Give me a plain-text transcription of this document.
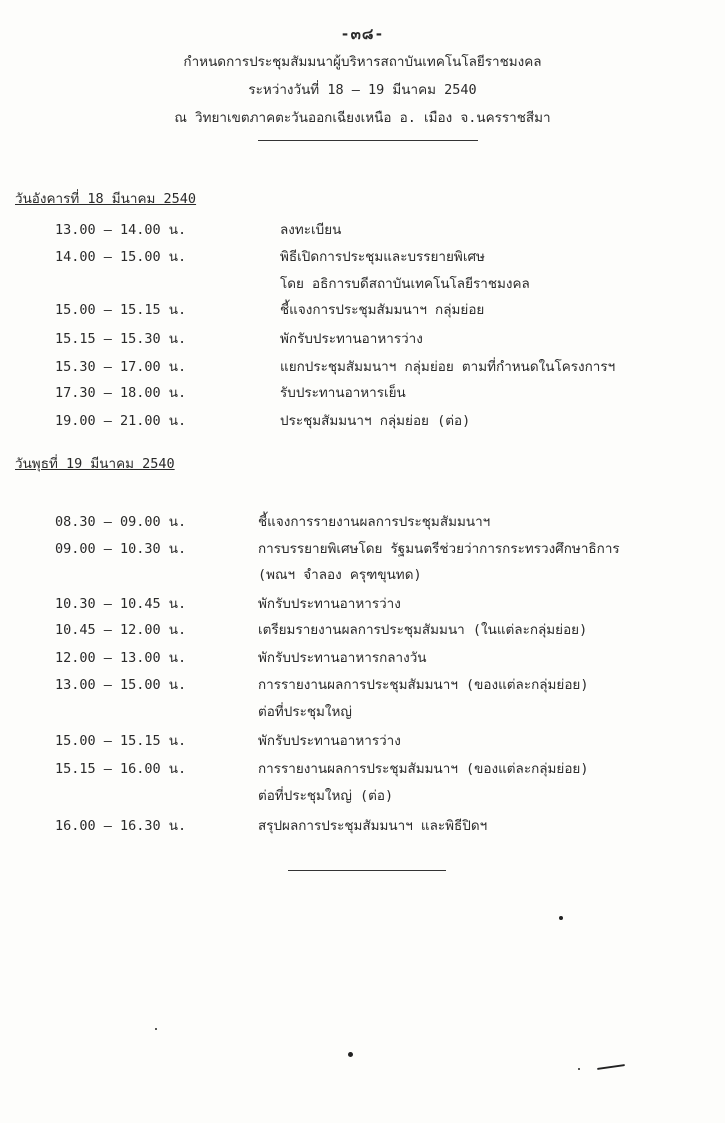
-๓๘-
กำหนดการประชุมสัมมนาผู้บริหารสถาบันเทคโนโลยีราชมงคล
ระหว่างวันที่ 18 – 19 มีนาคม 2540
ณ วิทยาเขตภาคตะวันออกเฉียงเหนือ อ. เมือง จ.นครราชสีมา
วันอังคารที่ 18 มีนาคม 2540
13.00 – 14.00 น.	ลงทะเบียน
14.00 – 15.00 น.	พิธีเปิดการประชุมและบรรยายพิเศษ
โดย อธิการบดีสถาบันเทคโนโลยีราชมงคล
15.00 – 15.15 น.	ชี้แจงการประชุมสัมมนาฯ กลุ่มย่อย
15.15 – 15.30 น.	พักรับประทานอาหารว่าง
15.30 – 17.00 น.	แยกประชุมสัมมนาฯ กลุ่มย่อย ตามที่กำหนดในโครงการฯ
17.30 – 18.00 น.	รับประทานอาหารเย็น
19.00 – 21.00 น.	ประชุมสัมมนาฯ กลุ่มย่อย (ต่อ)
วันพุธที่ 19 มีนาคม 2540
08.30 – 09.00 น.	ชี้แจงการรายงานผลการประชุมสัมมนาฯ
09.00 – 10.30 น.	การบรรยายพิเศษโดย รัฐมนตรีช่วยว่าการกระทรวงศึกษาธิการ
(พณฯ จำลอง ครุฑขุนทด)
10.30 – 10.45 น.	พักรับประทานอาหารว่าง
10.45 – 12.00 น.	เตรียมรายงานผลการประชุมสัมมนา (ในแต่ละกลุ่มย่อย)
12.00 – 13.00 น.	พักรับประทานอาหารกลางวัน
13.00 – 15.00 น.	การรายงานผลการประชุมสัมมนาฯ (ของแต่ละกลุ่มย่อย)
ต่อที่ประชุมใหญ่
15.00 – 15.15 น.	พักรับประทานอาหารว่าง
15.15 – 16.00 น.	การรายงานผลการประชุมสัมมนาฯ (ของแต่ละกลุ่มย่อย)
ต่อที่ประชุมใหญ่ (ต่อ)
16.00 – 16.30 น.	สรุปผลการประชุมสัมมนาฯ และพิธีปิดฯ
